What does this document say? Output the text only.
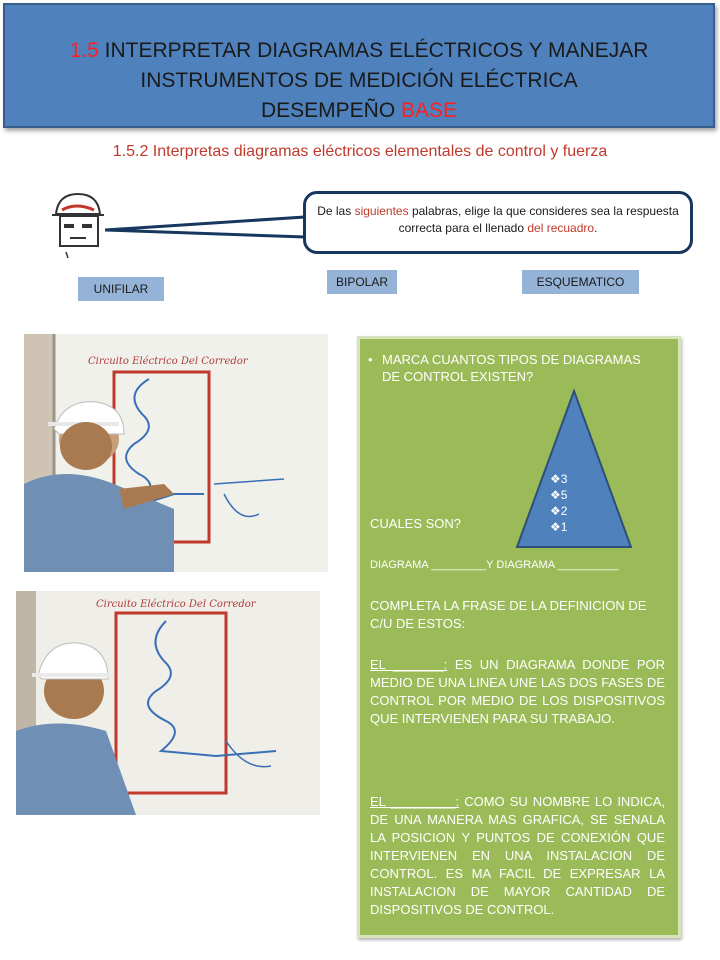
1.5 INTERPRETAR DIAGRAMAS ELÉCTRICOS Y MANEJAR
INSTRUMENTOS DE MEDICIÓN ELÉCTRICA
DESEMPEÑO BASE
1.5.2 Interpretas diagramas eléctricos elementales de control y fuerza
De las siguientes palabras, elige la que consideres sea la respuesta correcta para el llenado del recuadro.
UNIFILAR	BIPOLAR	ESQUEMATICO
Circuito Eléctrico Del Corredor
Circuito Eléctrico Del Corredor
• MARCA CUANTOS TIPOS DE DIAGRAMAS DE CONTROL EXISTEN?
❖3
❖5
❖2
❖1
CUALES SON?
DIAGRAMA _________Y DIAGRAMA __________
COMPLETA LA FRASE DE LA DEFINICION DE C/U DE ESTOS:
EL _______: ES UN DIAGRAMA DONDE POR MEDIO DE UNA LINEA UNE LAS DOS FASES DE CONTROL POR MEDIO DE LOS DISPOSITIVOS QUE INTERVIENEN PARA SU TRABAJO.
EL _________: COMO SU NOMBRE LO INDICA, DE UNA MANERA MAS GRAFICA, SE SENALA LA POSICION Y PUNTOS DE CONEXIÓN QUE INTERVIENEN EN UNA INSTALACION DE CONTROL. ES MA FACIL DE EXPRESAR LA INSTALACION DE MAYOR CANTIDAD DE DISPOSITIVOS DE CONTROL.
